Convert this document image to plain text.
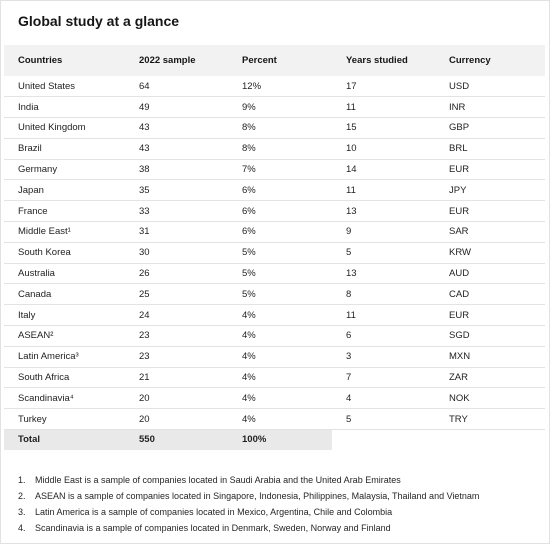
Global study at a glance
Countries	2022 sample	Percent	Years studied	Currency
United States	64	12%	17	USD
India	49	9%	11	INR
United Kingdom	43	8%	15	GBP
Brazil	43	8%	10	BRL
Germany	38	7%	14	EUR
Japan	35	6%	11	JPY
France	33	6%	13	EUR
Middle East¹	31	6%	9	SAR
South Korea	30	5%	5	KRW
Australia	26	5%	13	AUD
Canada	25	5%	8	CAD
Italy	24	4%	11	EUR
ASEAN²	23	4%	6	SGD
Latin America³	23	4%	3	MXN
South Africa	21	4%	7	ZAR
Scandinavia⁴	20	4%	4	NOK
Turkey	20	4%	5	TRY
Total	550	100%		
1. Middle East is a sample of companies located in Saudi Arabia and the United Arab Emirates
2. ASEAN is a sample of companies located in Singapore, Indonesia, Philippines, Malaysia, Thailand and Vietnam
3. Latin America is a sample of companies located in Mexico, Argentina, Chile and Colombia
4. Scandinavia is a sample of companies located in Denmark, Sweden, Norway and Finland
